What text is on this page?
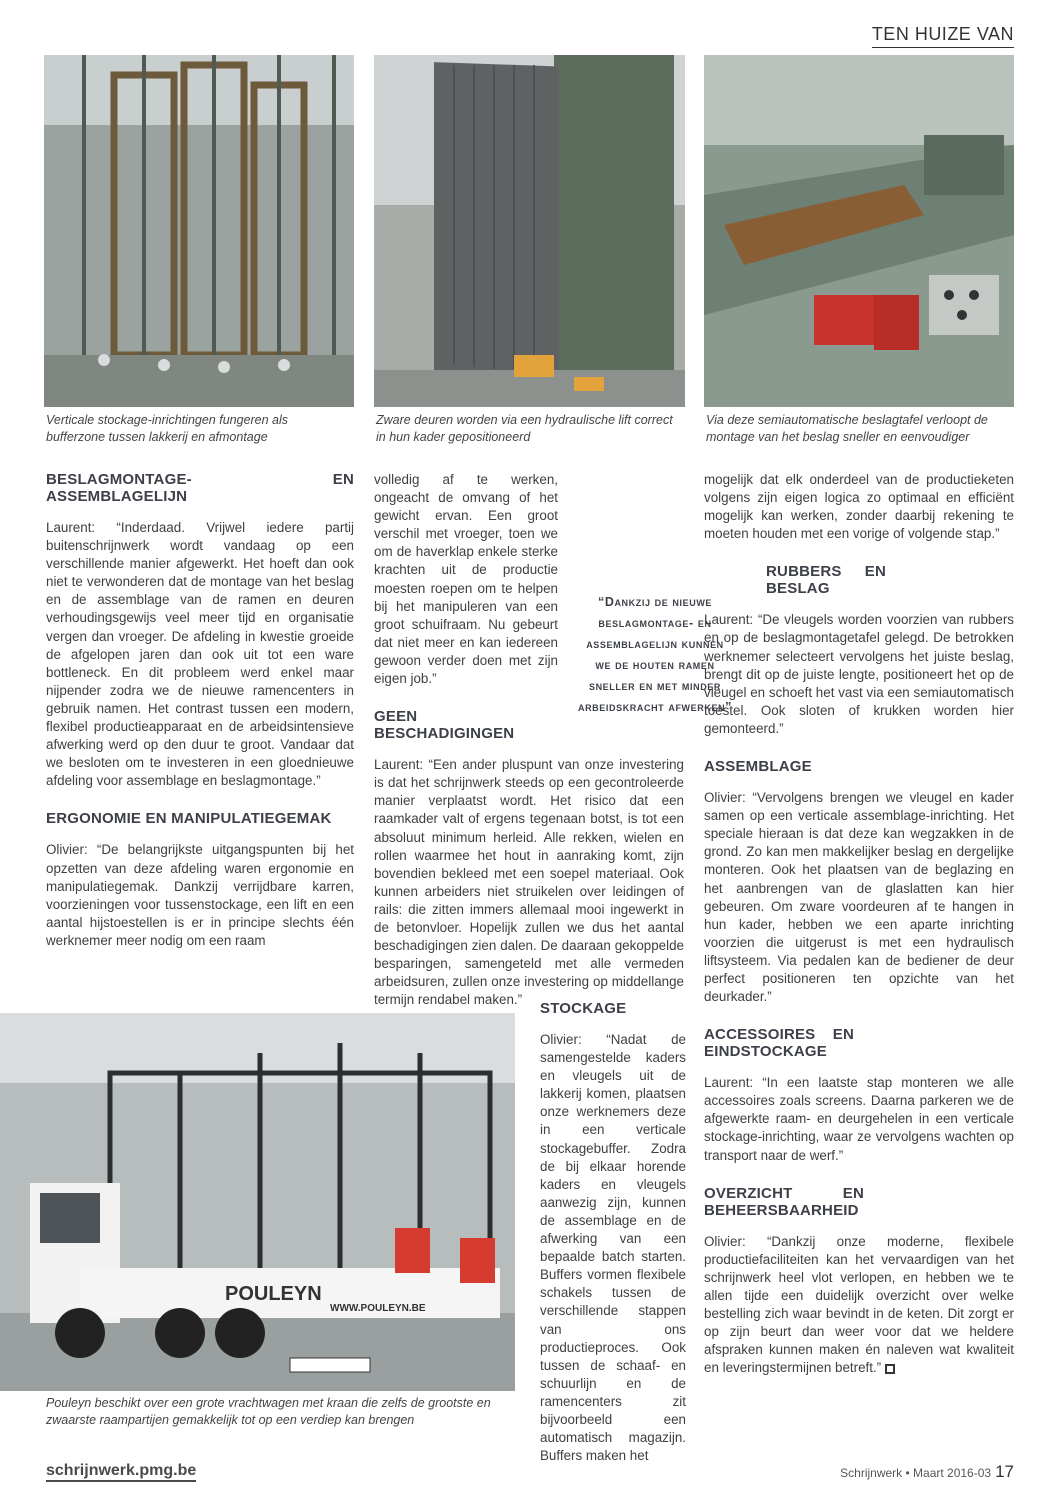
TEN HUIZE VAN
Verticale stockage-inrichtingen fungeren als bufferzone tussen lakkerij en afmontage
Zware deuren worden via een hydraulische lift correct in hun kader gepositioneerd
Via deze semiautomatische beslagtafel verloopt de montage van het beslag sneller en eenvoudiger
BESLAGMONTAGE- EN ASSEMBLAGELIJN

Laurent: “Inderdaad. Vrijwel iedere partij buitenschrijnwerk wordt vandaag op een verschillende manier afgewerkt. Het hoeft dan ook niet te verwonderen dat de montage van het beslag en de assemblage van de ramen en deuren verhoudingsgewijs veel meer tijd en organisatie vergen dan vroeger. De afdeling in kwestie groeide de afgelopen jaren dan ook uit tot een ware bottleneck. En dit probleem werd enkel maar nijpender zodra we de nieuwe ramencenters in gebruik namen. Het contrast tussen een modern, flexibel productieapparaat en de arbeidsintensieve afwerking werd op den duur te groot. Vandaar dat we besloten om te investeren in een gloednieuwe afdeling voor assemblage en beslagmontage.”

ERGONOMIE EN MANIPULATIEGEMAK

Olivier: “De belangrijkste uitgangspunten bij het opzetten van deze afdeling waren ergonomie en manipulatiegemak. Dankzij verrijdbare karren, voorzieningen voor tussenstockage, een lift en een aantal hijstoestellen is er in principe slechts één werknemer meer nodig om een raam

volledig af te werken, ongeacht de omvang of het gewicht ervan. Een groot verschil met vroeger, toen we om de haverklap enkele sterke krachten uit de productie moesten roepen om te helpen bij het manipuleren van een groot schuifraam. Nu gebeurt dat niet meer en kan iedereen gewoon verder doen met zijn eigen job.”

GEEN BESCHADIGINGEN

Laurent: “Een ander pluspunt van onze investering is dat het schrijnwerk steeds op een gecontroleerde manier verplaatst wordt. Het risico dat een raamkader valt of ergens tegenaan botst, is tot een absoluut minimum herleid. Alle rekken, wielen en rollen waarmee het hout in aanraking komt, zijn bovendien bekleed met een soepel materiaal. Ook kunnen arbeiders niet struikelen over leidingen of rails: die zitten immers allemaal mooi ingewerkt in de betonvloer. Hopelijk zullen we dus het aantal beschadigingen zien dalen. De daaraan gekoppelde besparingen, samengeteld met alle vermeden arbeidsuren, zullen onze investering op middellange termijn rendabel maken.”

“Dankzij de nieuwe
beslagmontage- en
assemblagelijn kunnen
we de houten ramen
sneller en met minder
arbeidskracht afwerken”

mogelijk dat elk onderdeel van de productieketen volgens zijn eigen logica zo optimaal en efficiënt mogelijk kan werken, zonder daarbij rekening te moeten houden met een vorige of volgende stap.”

RUBBERS EN BESLAG

Laurent: “De vleugels worden voorzien van rubbers en op de beslagmontagetafel gelegd. De betrokken werknemer selecteert vervolgens het juiste beslag, brengt dit op de juiste lengte, positioneert het op de vleugel en schoeft het vast via een semiautomatisch toestel. Ook sloten of krukken worden hier gemonteerd.”

ASSEMBLAGE

Olivier: “Vervolgens brengen we vleugel en kader samen op een verticale assemblage-inrichting. Het speciale hieraan is dat deze kan wegzakken in de grond. Zo kan men makkelijker beslag en dergelijke monteren. Ook het plaatsen van de beglazing en het aanbrengen van de glaslatten kan hier gebeuren. Om zware voordeuren af te hangen in hun kader, hebben we een aparte inrichting voorzien die uitgerust is met een hydraulisch liftsysteem. Via pedalen kan de bediener de deur perfect positioneren ten opzichte van het deurkader.”

ACCESSOIRES EN EINDSTOCKAGE

Laurent: “In een laatste stap monteren we alle accessoires zoals screens. Daarna parkeren we de afgewerkte raam- en deurgehelen in een verticale stockage-inrichting, waar ze vervolgens wachten op transport naar de werf.”

OVERZICHT EN BEHEERSBAARHEID

Olivier: “Dankzij onze moderne, flexibele productiefaciliteiten kan het vervaardigen van het schrijnwerk heel vlot verlopen, en hebben we te allen tijde een duidelijk overzicht over welke bestelling zich waar bevindt in de keten. Dit zorgt er op zijn beurt dan weer voor dat we heldere afspraken kunnen maken én naleven wat kwaliteit en leveringstermijnen betreft.”

POULEYN
WWW.POULEYN.BE
Pouleyn beschikt over een grote vrachtwagen met kraan die zelfs de grootste en zwaarste raampartijen gemakkelijk tot op een verdiep kan brengen
STOCKAGE

Olivier: “Nadat de samengestelde kaders en vleugels uit de lakkerij komen, plaatsen onze werknemers deze in een verticale stockagebuffer. Zodra de bij elkaar horende kaders en vleugels aanwezig zijn, kunnen de assemblage en de afwerking van een bepaalde batch starten. Buffers vormen flexibele schakels tussen de verschillende stappen van ons productieproces. Ook tussen de schaaf- en schuurlijn en de ramencenters zit bijvoorbeeld een automatisch magazijn. Buffers maken het

schrijnwerk.pmg.be	Schrijnwerk • Maart 2016-03 17
